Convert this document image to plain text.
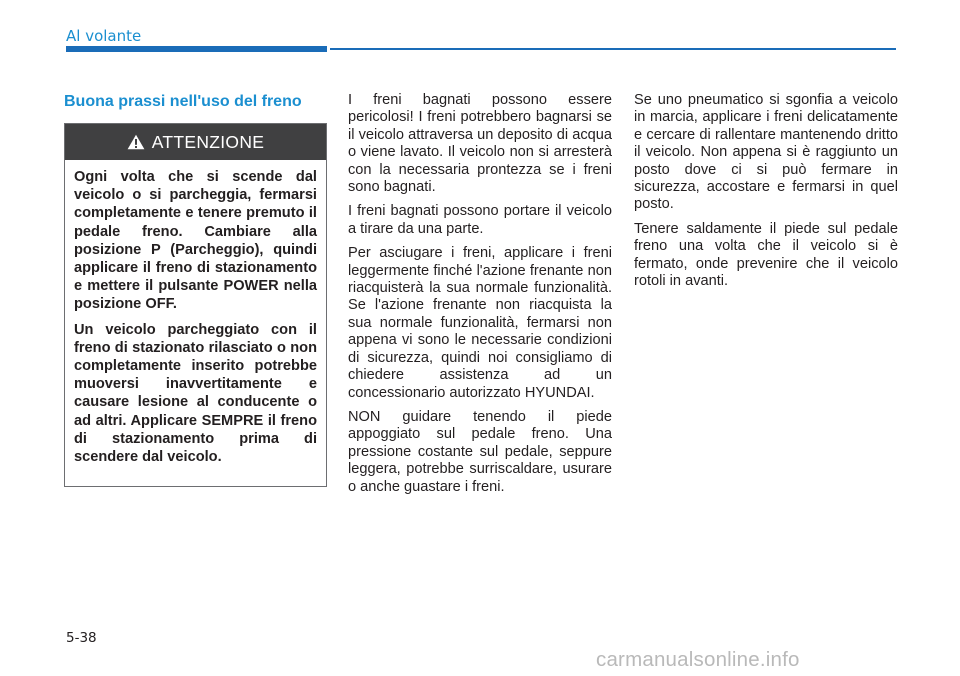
Al volante
Buona prassi nell'uso del freno
ATTENZIONE

Ogni volta che si scende dal veicolo o si parcheggia, fermarsi completamente e tenere premuto il pedale freno. Cambiare alla posizione P (Parcheggio), quindi applicare il freno di stazionamento e mettere il pulsante POWER nella posizione OFF.

Un veicolo parcheggiato con il freno di stazionato rilasciato o non completamente inserito potrebbe muoversi inavvertitamente e causare lesione al conducente o ad altri. Applicare SEMPRE il freno di stazionamento prima di scendere dal veicolo.

I freni bagnati possono essere pericolosi! I freni potrebbero bagnarsi se il veicolo attraversa un deposito di acqua o viene lavato. Il veicolo non si arresterà con la necessaria prontezza se i freni sono bagnati.

I freni bagnati possono portare il veicolo a tirare da una parte.

Per asciugare i freni, applicare i freni leggermente finché l'azione frenante non riacquisterà la sua normale funzionalità. Se l'azione frenante non riacquista la sua normale funzionalità, fermarsi non appena vi sono le necessarie condizioni di sicurezza, quindi noi consigliamo di chiedere assistenza ad un concessionario autorizzato HYUNDAI.

NON guidare tenendo il piede appoggiato sul pedale freno. Una pressione costante sul pedale, seppure leggera, potrebbe surriscaldare, usurare o anche guastare i freni.

Se uno pneumatico si sgonfia a veicolo in marcia, applicare i freni delicatamente e cercare di rallentare mantenendo dritto il veicolo. Non appena si è raggiunto un posto dove ci si può fermare in sicurezza, accostare e fermarsi in quel posto.

Tenere saldamente il piede sul pedale freno una volta che il veicolo si è fermato, onde prevenire che il veicolo rotoli in avanti.

5-38
carmanualsonline.info
